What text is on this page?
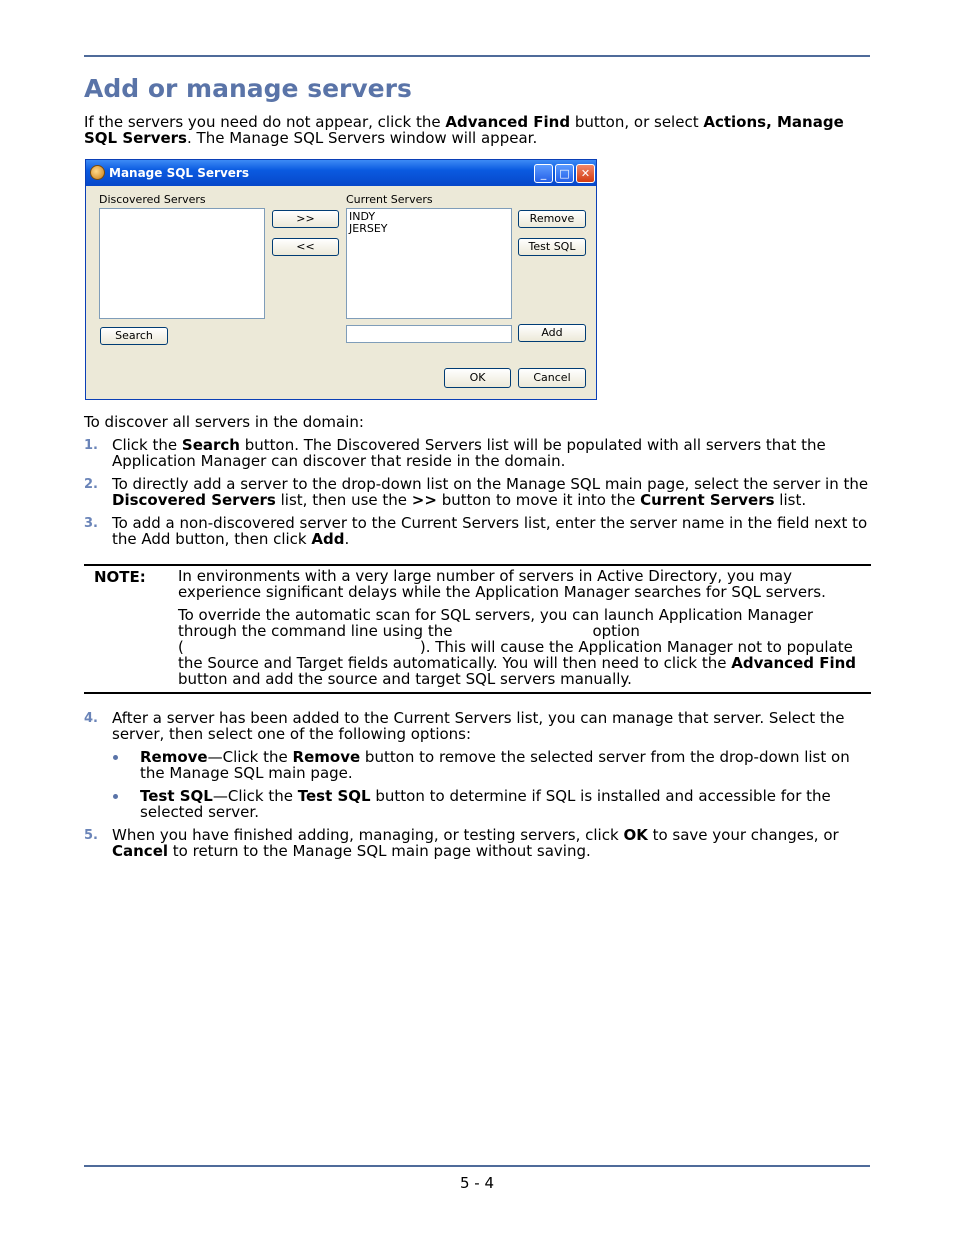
Add or manage servers

If the servers you need do not appear, click the Advanced Find button, or select Actions, Manage SQL Servers. The Manage SQL Servers window will appear.

Manage SQL Servers	_	□	✕
Discovered Servers
>>
<<
Current Servers
INDY
JERSEY
Remove
Test SQL
Search	Add
OK	Cancel

To discover all servers in the domain:

1. Click the Search button. The Discovered Servers list will be populated with all servers that the Application Manager can discover that reside in the domain.
2. To directly add a server to the drop-down list on the Manage SQL main page, select the server in the Discovered Servers list, then use the >> button to move it into the Current Servers list.
3. To add a non-discovered server to the Current Servers list, enter the server name in the field next to the Add button, then click Add.
NOTE: In environments with a very large number of servers in Active Directory, you may experience significant delays while the Application Manager searches for SQL servers.
To override the automatic scan for SQL servers, you can launch Application Manager through the command line using the	option
(	). This will cause the Application Manager not to populate the Source and Target fields automatically. You will then need to click the Advanced Find button and add the source and target SQL servers manually.
4. After a server has been added to the Current Servers list, you can manage that server. Select the server, then select one of the following options:
Remove—Click the Remove button to remove the selected server from the drop-down list on the Manage SQL main page.
Test SQL—Click the Test SQL button to determine if SQL is installed and accessible for the selected server.
5. When you have finished adding, managing, or testing servers, click OK to save your changes, or Cancel to return to the Manage SQL main page without saving.
5 - 4
